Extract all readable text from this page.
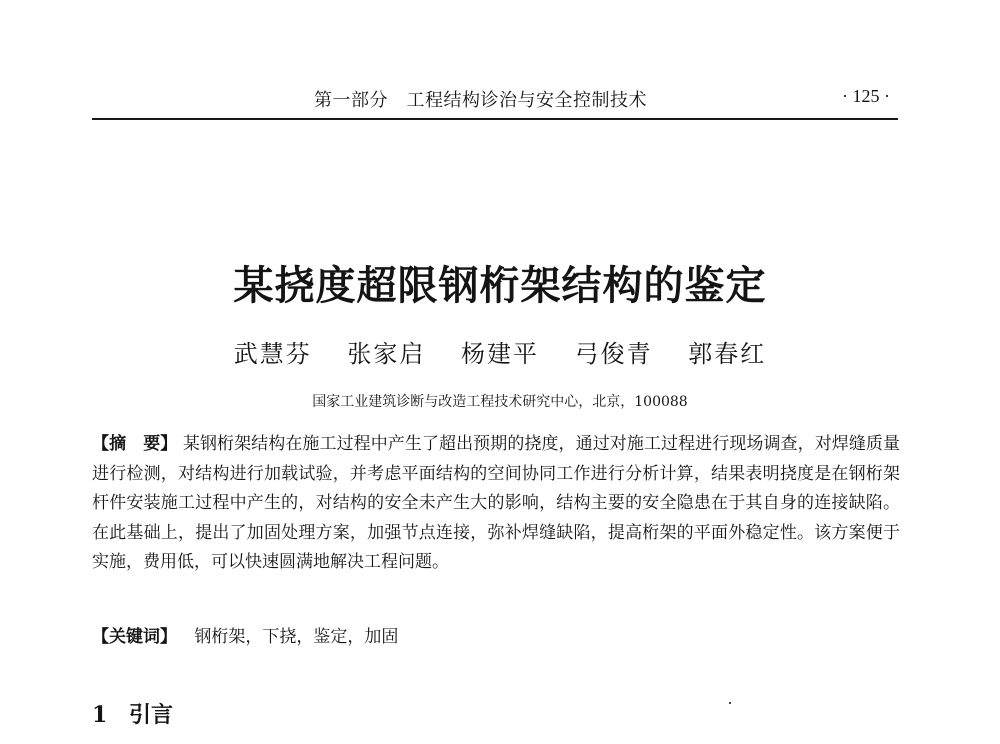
第一部分　工程结构诊治与安全控制技术	· 125 ·
某挠度超限钢桁架结构的鉴定
武慧芬 张家启 杨建平 弓俊青 郭春红
国家工业建筑诊断与改造工程技术研究中心，北京，100088
【摘　要】 某钢桁架结构在施工过程中产生了超出预期的挠度，通过对施工过程进行现场调查，对焊缝质量进行检测，对结构进行加载试验，并考虑平面结构的空间协同工作进行分析计算，结果表明挠度是在钢桁架杆件安装施工过程中产生的，对结构的安全未产生大的影响，结构主要的安全隐患在于其自身的连接缺陷。在此基础上，提出了加固处理方案，加强节点连接，弥补焊缝缺陷，提高桁架的平面外稳定性。该方案便于实施，费用低，可以快速圆满地解决工程问题。
【关键词】 钢桁架，下挠，鉴定，加固
1 引言
